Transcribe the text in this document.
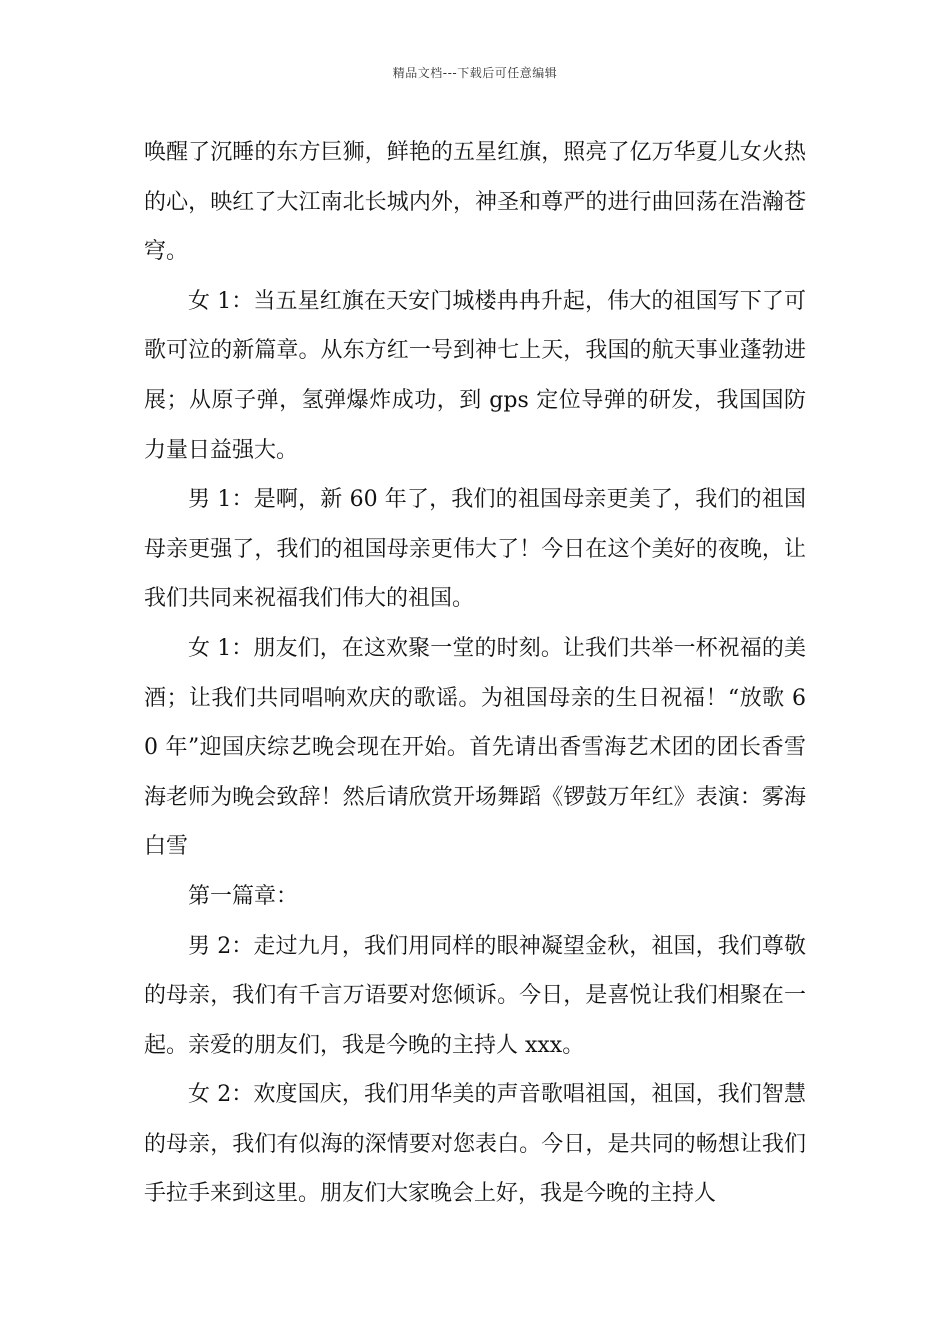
精品文档---下载后可任意编辑

唤醒了沉睡的东方巨狮，鲜艳的五星红旗，照亮了亿万华夏儿女火热的心，映红了大江南北长城内外，神圣和尊严的进行曲回荡在浩瀚苍穹。

女 1：当五星红旗在天安门城楼冉冉升起，伟大的祖国写下了可歌可泣的新篇章。从东方红一号到神七上天，我国的航天事业蓬勃进展；从原子弹，氢弹爆炸成功，到 gps 定位导弹的研发，我国国防力量日益强大。

男 1：是啊，新 60 年了，我们的祖国母亲更美了，我们的祖国母亲更强了，我们的祖国母亲更伟大了！今日在这个美好的夜晚，让我们共同来祝福我们伟大的祖国。

女 1：朋友们，在这欢聚一堂的时刻。让我们共举一杯祝福的美酒；让我们共同唱响欢庆的歌谣。为祖国母亲的生日祝福！“放歌 60 年”迎国庆综艺晚会现在开始。首先请出香雪海艺术团的团长香雪海老师为晚会致辞！然后请欣赏开场舞蹈《锣鼓万年红》表演：雾海白雪

第一篇章：

男 2：走过九月，我们用同样的眼神凝望金秋，祖国，我们尊敬的母亲，我们有千言万语要对您倾诉。今日，是喜悦让我们相聚在一起。亲爱的朋友们，我是今晚的主持人 xxx。

女 2：欢度国庆，我们用华美的声音歌唱祖国，祖国，我们智慧的母亲，我们有似海的深情要对您表白。今日，是共同的畅想让我们手拉手来到这里。朋友们大家晚会上好，我是今晚的主持人
